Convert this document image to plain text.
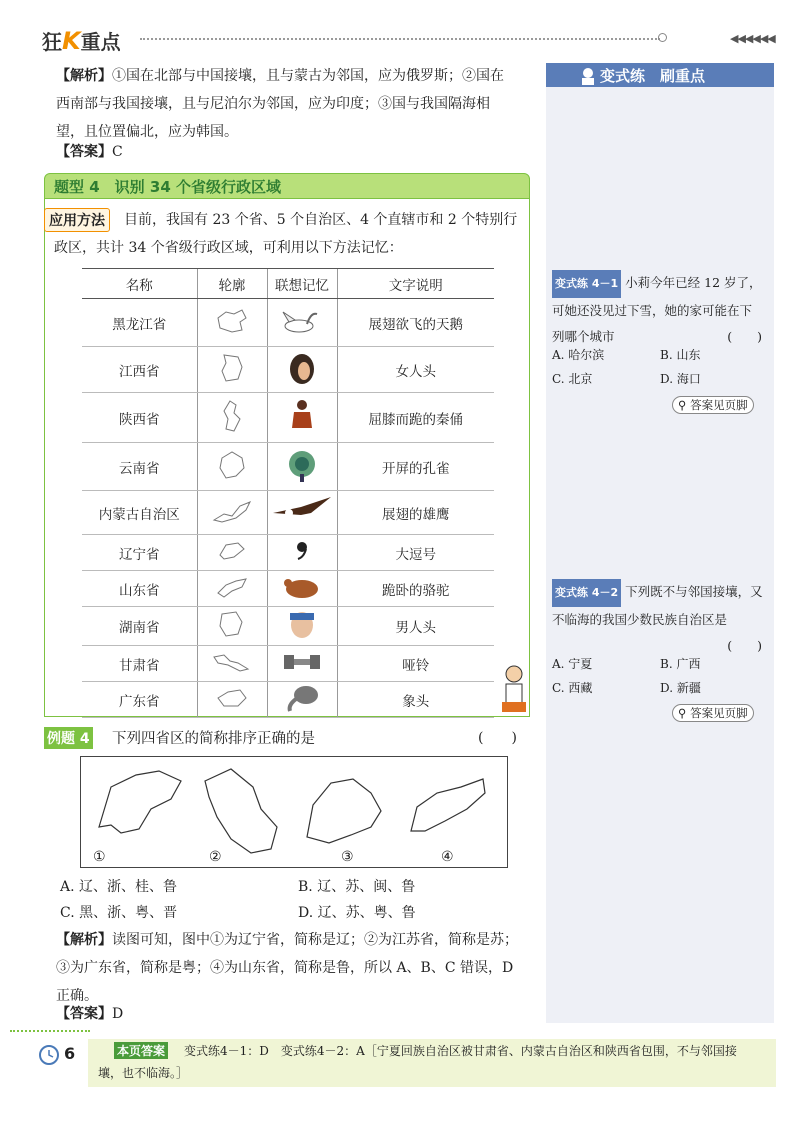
狂K重点	◀◀◀◀◀◀
【解析】①国在北部与中国接壤，且与蒙古为邻国，应为俄罗斯；②国在
西南部与我国接壤，且与尼泊尔为邻国，应为印度；③国与我国隔海相
望，且位置偏北，应为韩国。
【答案】C
题型 4　识别 34 个省级行政区域
应用方法	目前，我国有 23 个省、5 个自治区、4 个直辖市和 2 个特别行
政区，共计 34 个省级行政区域，可利用以下方法记忆：
名称	轮廓	联想记忆	文字说明
黑龙江省			展翅欲飞的天鹅
江西省			女人头
陕西省			屈膝而跪的秦俑
云南省			开屏的孔雀
内蒙古自治区			展翅的雄鹰
辽宁省			大逗号
山东省			跪卧的骆驼
湖南省			男人头
甘肃省			哑铃
广东省			象头
例题 4 下列四省区的简称排序正确的是	(　　)
①	②	③	④
A. 辽、浙、桂、鲁	B. 辽、苏、闽、鲁
C. 黑、浙、粤、晋	D. 辽、苏、粤、鲁
【解析】读图可知，图中①为辽宁省，简称是辽；②为江苏省，简称是苏；
③为广东省，简称是粤；④为山东省，简称是鲁，所以 A、B、C 错误，D
正确。
【答案】D
变式练　刷重点
变式练 4－1 小莉今年已经 12 岁了，
可她还没见过下雪，她的家可能在下
列哪个城市	(　　)
A. 哈尔滨	B. 山东
C. 北京	D. 海口
⚲ 答案见页脚
变式练 4－2 下列既不与邻国接壤，又
不临海的我国少数民族自治区是
(　　)
A. 宁夏	B. 广西
C. 西藏	D. 新疆
⚲ 答案见页脚
6	本页答案 变式练4－1：D　变式练4－2：A［宁夏回族自治区被甘肃省、内蒙古自治区和陕西省包围，不与邻国接
壤，也不临海。］
